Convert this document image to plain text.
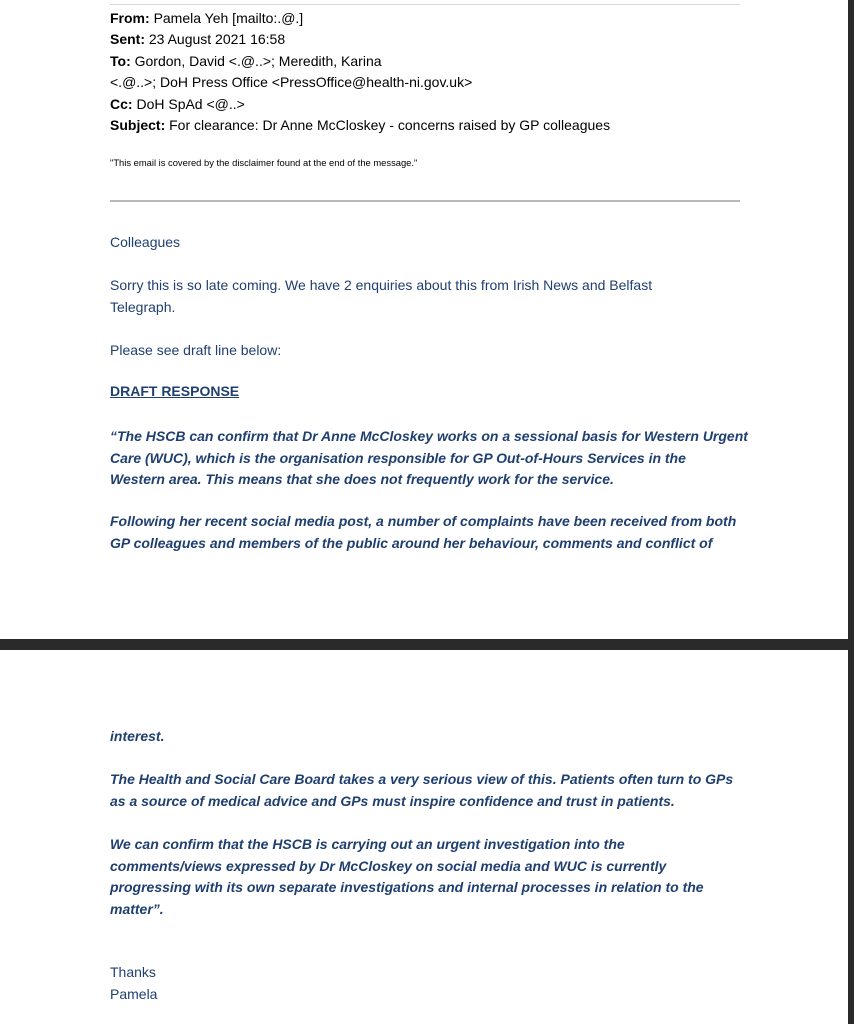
From: Pamela Yeh [mailto:.@.]
Sent: 23 August 2021 16:58
To: Gordon, David <.@..>; Meredith, Karina
<.@..>; DoH Press Office <PressOffice@health-ni.gov.uk>
Cc: DoH SpAd <@..>
Subject: For clearance: Dr Anne McCloskey - concerns raised by GP colleagues
"This email is covered by the disclaimer found at the end of the message."
Colleagues
Sorry this is so late coming. We have 2 enquiries about this from Irish News and Belfast
Telegraph.
Please see draft line below:
DRAFT RESPONSE
“The HSCB can confirm that Dr Anne McCloskey works on a sessional basis for Western Urgent
Care (WUC), which is the organisation responsible for GP Out-of-Hours Services in the
Western area. This means that she does not frequently work for the service.
Following her recent social media post, a number of complaints have been received from both
GP colleagues and members of the public around her behaviour, comments and conflict of
interest.
The Health and Social Care Board takes a very serious view of this. Patients often turn to GPs
as a source of medical advice and GPs must inspire confidence and trust in patients.
We can confirm that the HSCB is carrying out an urgent investigation into the
comments/views expressed by Dr McCloskey on social media and WUC is currently
progressing with its own separate investigations and internal processes in relation to the
matter”.
Thanks
Pamela
